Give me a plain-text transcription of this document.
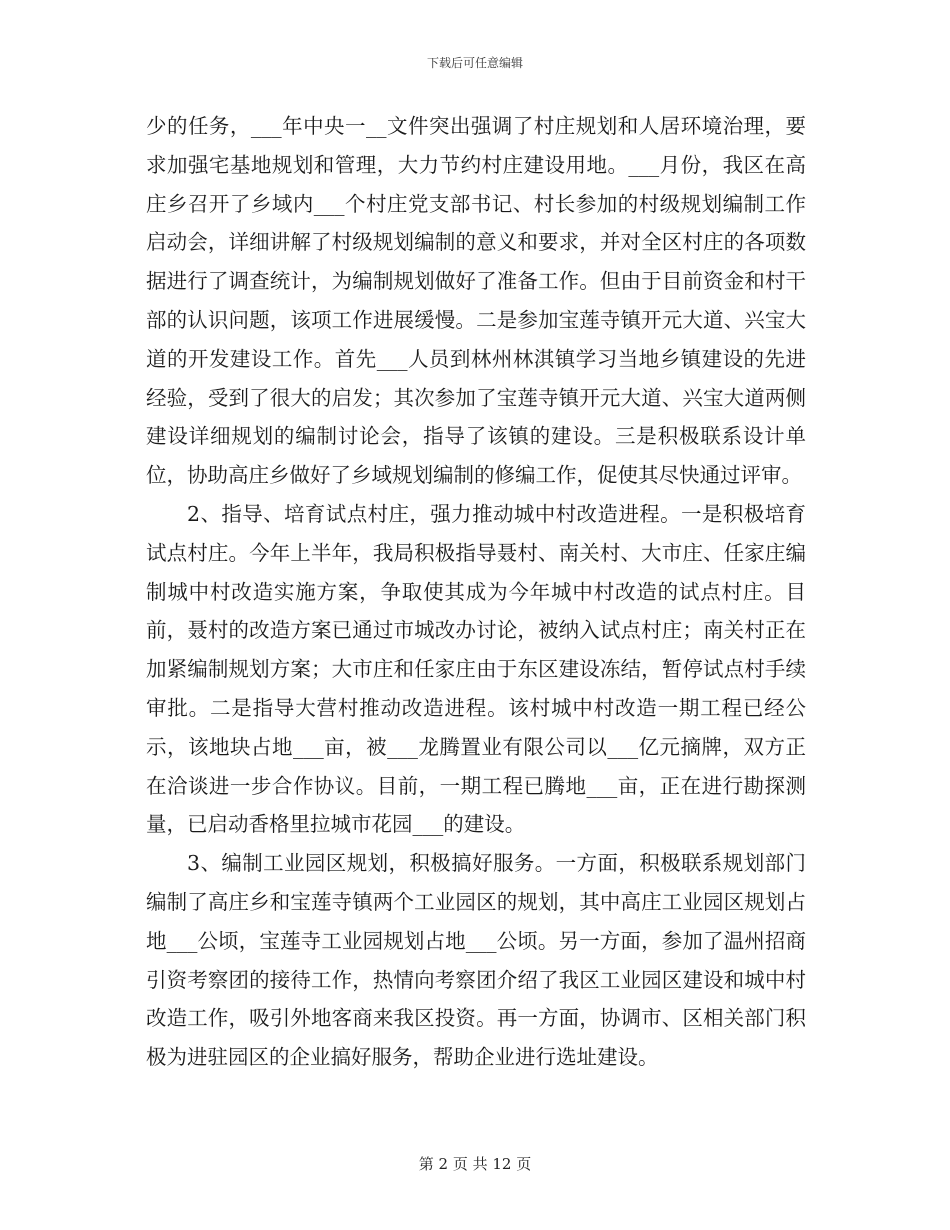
下载后可任意编辑

少的任务，___年中央一__文件突出强调了村庄规划和人居环境治理，要求加强宅基地规划和管理，大力节约村庄建设用地。___月份，我区在高庄乡召开了乡域内___个村庄党支部书记、村长参加的村级规划编制工作启动会，详细讲解了村级规划编制的意义和要求，并对全区村庄的各项数据进行了调查统计，为编制规划做好了准备工作。但由于目前资金和村干部的认识问题，该项工作进展缓慢。二是参加宝莲寺镇开元大道、兴宝大道的开发建设工作。首先___人员到林州林淇镇学习当地乡镇建设的先进经验，受到了很大的启发；其次参加了宝莲寺镇开元大道、兴宝大道两侧建设详细规划的编制讨论会，指导了该镇的建设。三是积极联系设计单位，协助高庄乡做好了乡域规划编制的修编工作，促使其尽快通过评审。

2、指导、培育试点村庄，强力推动城中村改造进程。一是积极培育试点村庄。今年上半年，我局积极指导聂村、南关村、大市庄、任家庄编制城中村改造实施方案，争取使其成为今年城中村改造的试点村庄。目前，聂村的改造方案已通过市城改办讨论，被纳入试点村庄；南关村正在加紧编制规划方案；大市庄和任家庄由于东区建设冻结，暂停试点村手续审批。二是指导大营村推动改造进程。该村城中村改造一期工程已经公示，该地块占地___亩，被___龙腾置业有限公司以___亿元摘牌，双方正在洽谈进一步合作协议。目前，一期工程已腾地___亩，正在进行勘探测量，已启动香格里拉城市花园___的建设。

3、编制工业园区规划，积极搞好服务。一方面，积极联系规划部门编制了高庄乡和宝莲寺镇两个工业园区的规划，其中高庄工业园区规划占地___公顷，宝莲寺工业园规划占地___公顷。另一方面，参加了温州招商引资考察团的接待工作，热情向考察团介绍了我区工业园区建设和城中村改造工作，吸引外地客商来我区投资。再一方面，协调市、区相关部门积极为进驻园区的企业搞好服务，帮助企业进行选址建设。

第 2 页 共 12 页
